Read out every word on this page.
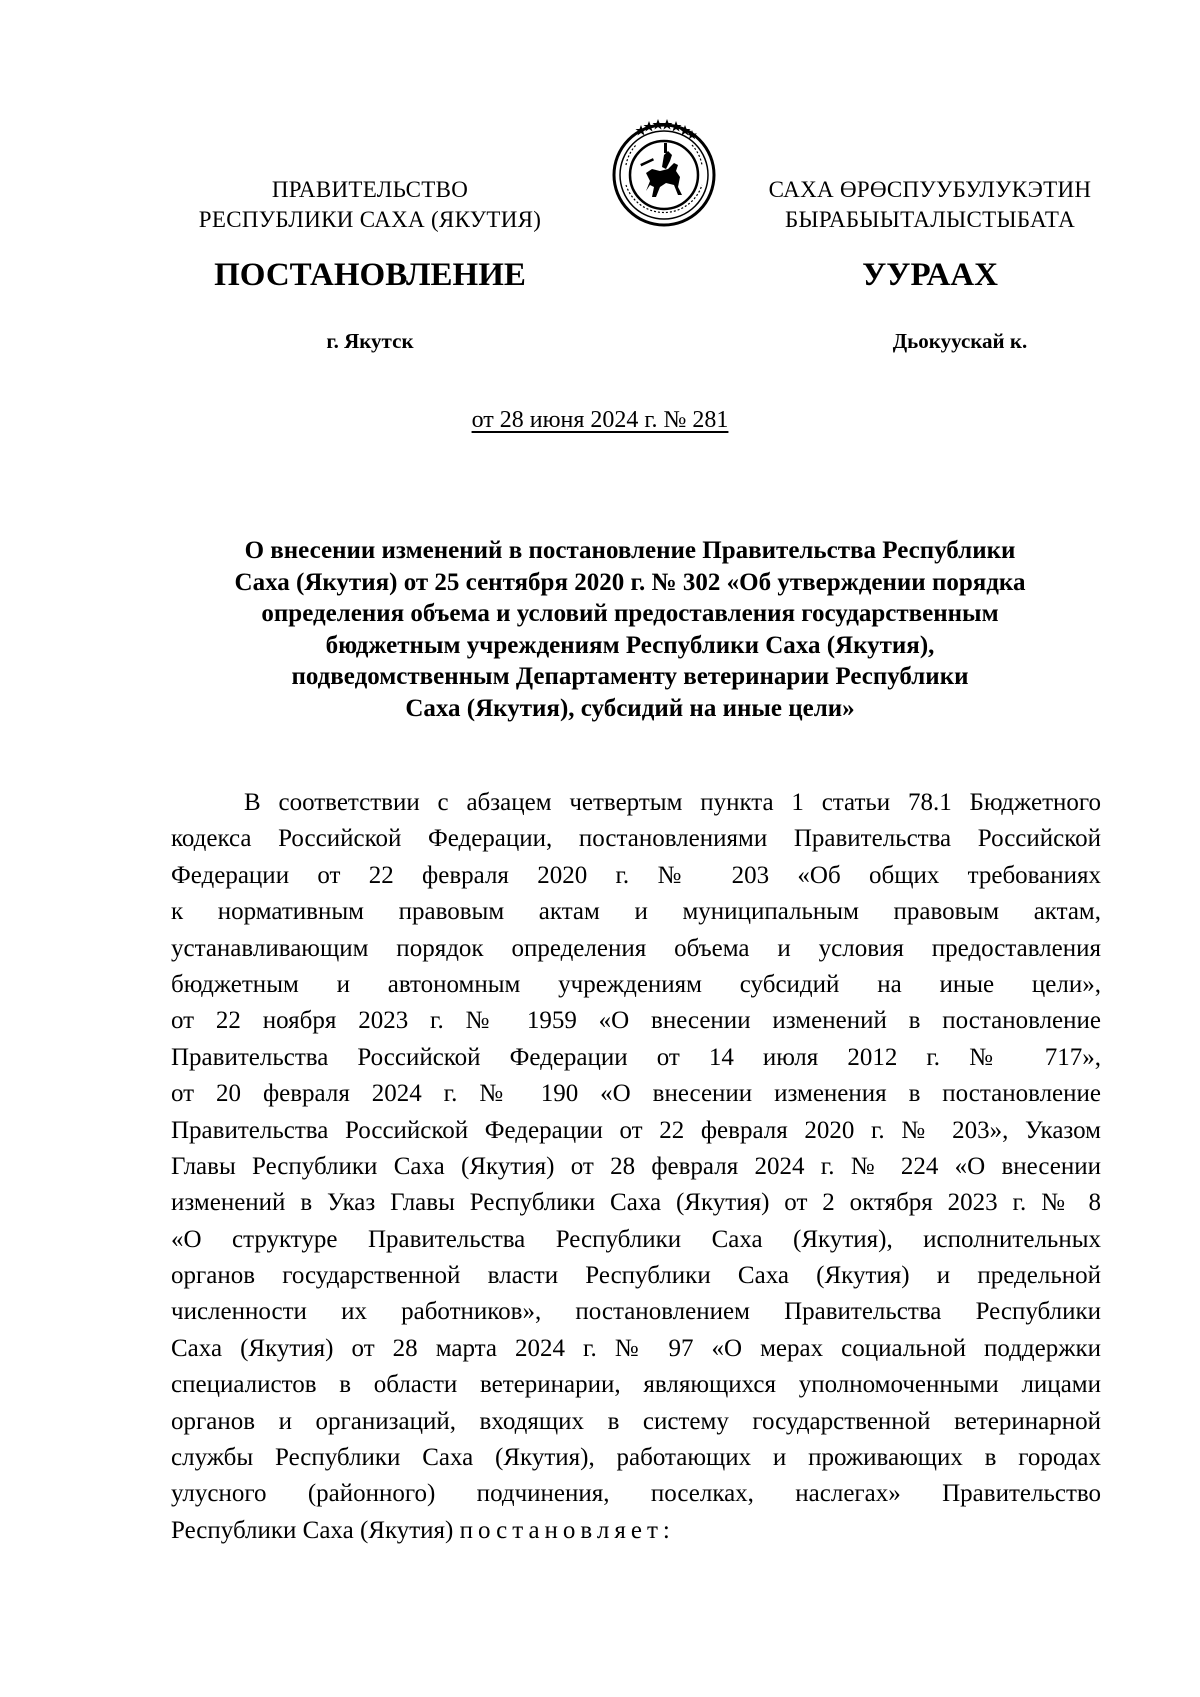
ПРАВИТЕЛЬСТВО
РЕСПУБЛИКИ САХА (ЯКУТИЯ)
САХА ӨРӨСПУУБУЛУКЭТИН
БЫРАБЫЫТАЛЫСТЫБАТА
ПОСТАНОВЛЕНИЕ	УУРААХ
г. Якутск	Дьокуускай к.
от 28 июня 2024 г. № 281
О внесении изменений в постановление Правительства Республики
Саха (Якутия) от 25 сентября 2020 г. № 302 «Об утверждении порядка
определения объема и условий предоставления государственным
бюджетным учреждениям Республики Саха (Якутия),
подведомственным Департаменту ветеринарии Республики
Саха (Якутия), субсидий на иные цели»
В соответствии с абзацем четвертым пункта 1 статьи 78.1 Бюджетного
кодекса Российской Федерации, постановлениями Правительства Российской
Федерации от 22 февраля 2020 г. № 203 «Об общих требованиях
к нормативным правовым актам и муниципальным правовым актам,
устанавливающим порядок определения объема и условия предоставления
бюджетным и автономным учреждениям субсидий на иные цели»,
от 22 ноября 2023 г. № 1959 «О внесении изменений в постановление
Правительства Российской Федерации от 14 июля 2012 г. № 717»,
от 20 февраля 2024 г. № 190 «О внесении изменения в постановление
Правительства Российской Федерации от 22 февраля 2020 г. № 203», Указом
Главы Республики Саха (Якутия) от 28 февраля 2024 г. № 224 «О внесении
изменений в Указ Главы Республики Саха (Якутия) от 2 октября 2023 г. № 8
«О структуре Правительства Республики Саха (Якутия), исполнительных
органов государственной власти Республики Саха (Якутия) и предельной
численности их работников», постановлением Правительства Республики
Саха (Якутия) от 28 марта 2024 г. № 97 «О мерах социальной поддержки
специалистов в области ветеринарии, являющихся уполномоченными лицами
органов и организаций, входящих в систему государственной ветеринарной
службы Республики Саха (Якутия), работающих и проживающих в городах
улусного (районного) подчинения, поселках, наслегах» Правительство
Республики Саха (Якутия) постановляет:
